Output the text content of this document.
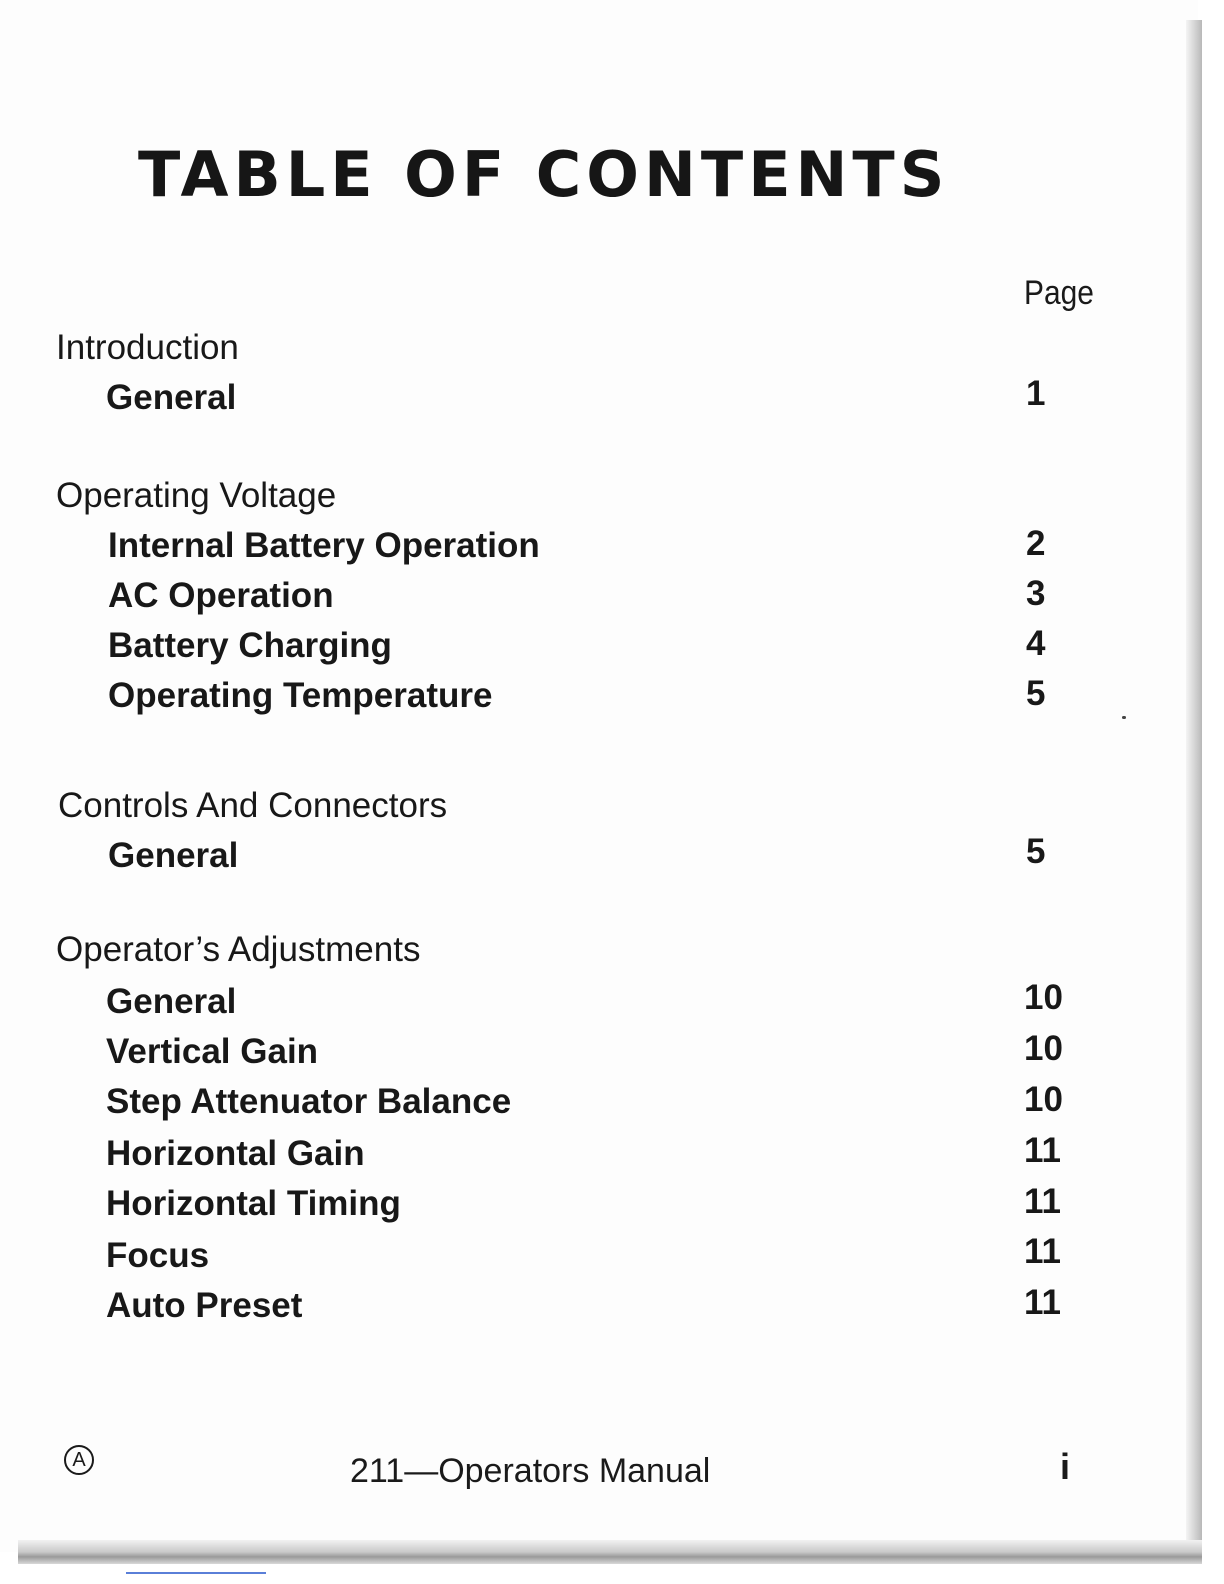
TABLE OF CONTENTS
Page
Introduction
General	1
Operating Voltage
Internal Battery Operation	2
AC Operation	3
Battery Charging	4
Operating Temperature	5
Controls And Connectors
General	5
Operator’s Adjustments
General	10
Vertical Gain	10
Step Attenuator Balance	10
Horizontal Gain	11
Horizontal Timing	11
Focus	11
Auto Preset	11
A	211—Operators Manual	i
